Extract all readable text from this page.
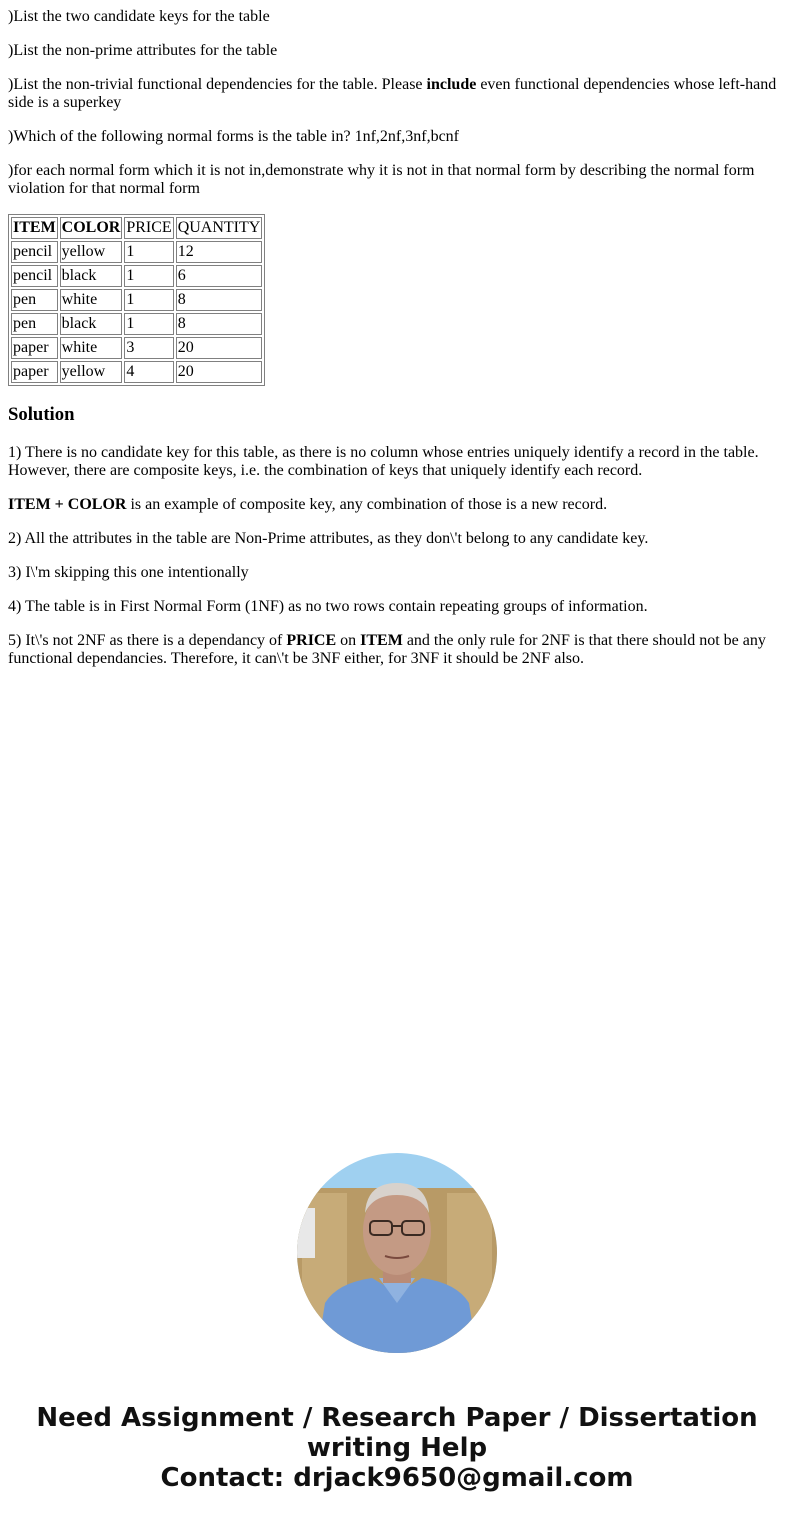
)List the two candidate keys for the table

)List the non-prime attributes for the table

)List the non-trivial functional dependencies for the table. Please include even functional dependencies whose left-hand side is a superkey

)Which of the following normal forms is the table in? 1nf,2nf,3nf,bcnf

)for each normal form which it is not in,demonstrate why it is not in that normal form by describing the normal form violation for that normal form

ITEM	COLOR	PRICE	QUANTITY
pencil	yellow	1	12
pencil	black	1	6
pen	white	1	8
pen	black	1	8
paper	white	3	20
paper	yellow	4	20
Solution

1) There is no candidate key for this table, as there is no column whose entries uniquely identify a record in the table. However, there are composite keys, i.e. the combination of keys that uniquely identify each record.

ITEM + COLOR is an example of composite key, any combination of those is a new record.

2) All the attributes in the table are Non-Prime attributes, as they don\'t belong to any candidate key.

3) I\'m skipping this one intentionally

4) The table is in First Normal Form (1NF) as no two rows contain repeating groups of information.

5) It\'s not 2NF as there is a dependancy of PRICE on ITEM and the only rule for 2NF is that there should not be any functional dependancies. Therefore, it can\'t be 3NF either, for 3NF it should be 2NF also.

Need Assignment / Research Paper / Dissertation
writing Help
Contact: drjack9650@gmail.com
